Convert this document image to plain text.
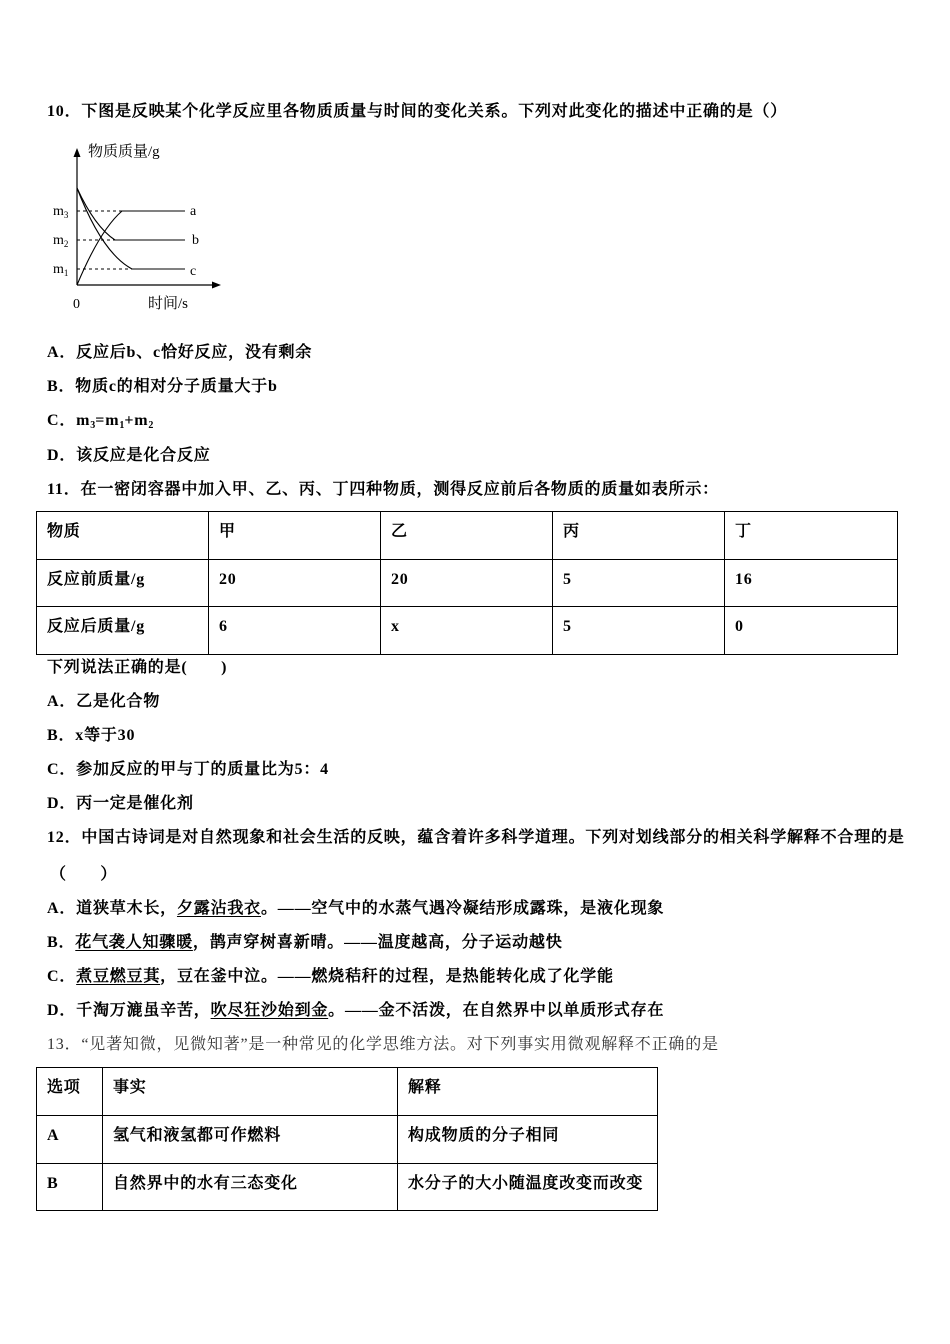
10．下图是反映某个化学反应里各物质质量与时间的变化关系。下列对此变化的描述中正确的是（）
物质质量/g
$m_3$
$m_2$
$m_1$
0	时间/s
a
b
c
A．反应后b、c恰好反应，没有剩余
B．物质c的相对分子质量大于b
C．$m_3=m_1+m_2$
D．该反应是化合反应
11．在一密闭容器中加入甲、乙、丙、丁四种物质，测得反应前后各物质的质量如表所示：
物质	甲	乙	丙	丁
反应前质量/g	20	20	5	16
反应后质量/g	6	x	5	0
下列说法正确的是(　　)
A．乙是化合物
B．x等于30
C．参加反应的甲与丁的质量比为5：4
D．丙一定是催化剂
12．中国古诗词是对自然现象和社会生活的反映，蕴含着许多科学道理。下列对划线部分的相关科学解释不合理的是
（　　）
A．道狭草木长，夕露沾我衣。——空气中的水蒸气遇冷凝结形成露珠，是液化现象
B．花气袭人知骤暖，鹊声穿树喜新晴。——温度越高，分子运动越快
C．煮豆燃豆萁，豆在釜中泣。——燃烧秸秆的过程，是热能转化成了化学能
D．千淘万漉虽辛苦，吹尽狂沙始到金。——金不活泼，在自然界中以单质形式存在
13．“见著知微，见微知著”是一种常见的化学思维方法。对下列事实用微观解释不正确的是
选项	事实	解释
A	氢气和液氢都可作燃料	构成物质的分子相同
B	自然界中的水有三态变化	水分子的大小随温度改变而改变
